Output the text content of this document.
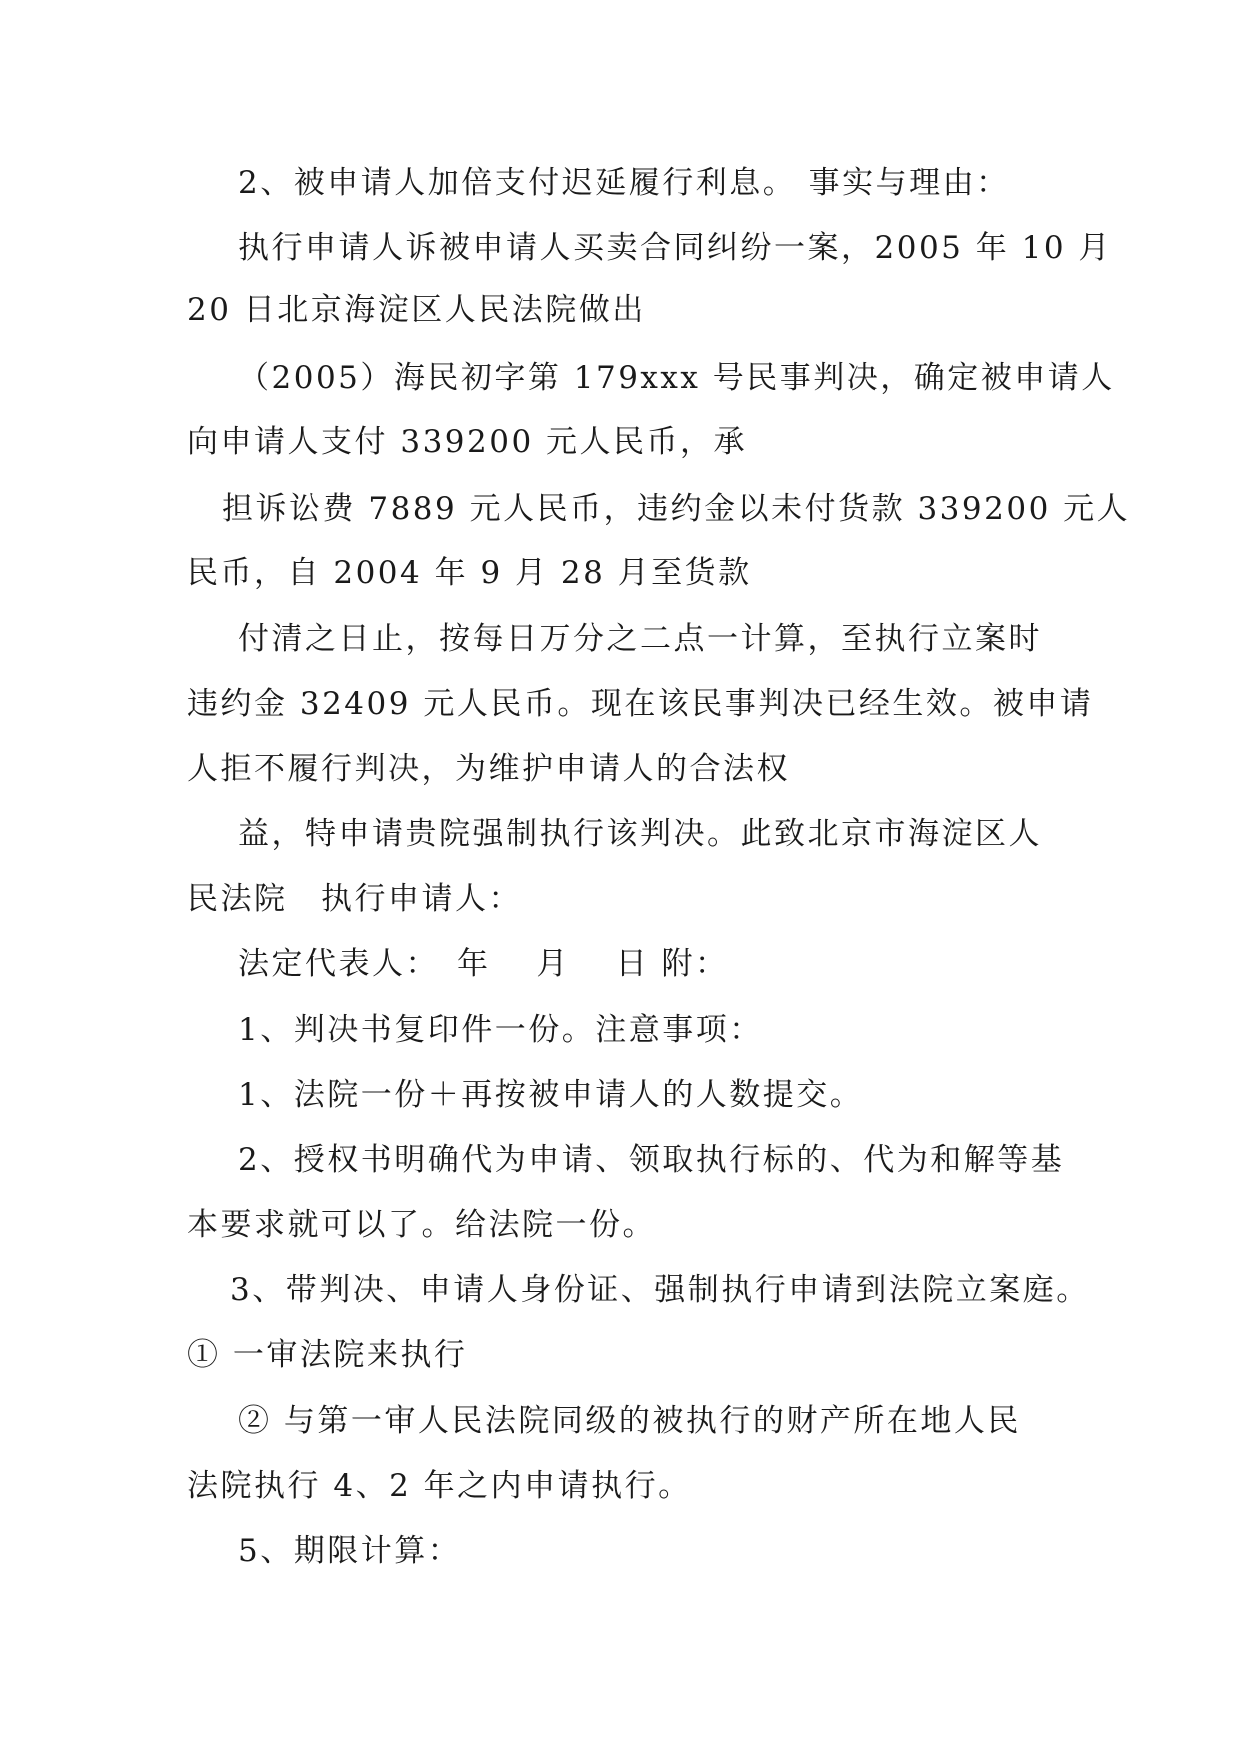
2、被申请人加倍支付迟延履行利息。 事实与理由：

执行申请人诉被申请人买卖合同纠纷一案，2005 年 10 月

20 日北京海淀区人民法院做出

（2005）海民初字第 179xxx 号民事判决，确定被申请人

向申请人支付 339200 元人民币，承

担诉讼费 7889 元人民币，违约金以未付货款 339200 元人

民币，自 2004 年 9 月 28 月至货款

付清之日止，按每日万分之二点一计算，至执行立案时

违约金 32409 元人民币。现在该民事判决已经生效。被申请

人拒不履行判决，为维护申请人的合法权

益，特申请贵院强制执行该判决。此致北京市海淀区人

民法院　执行申请人：

法定代表人：　年　 月　 日 附：

1、判决书复印件一份。注意事项：

1、法院一份＋再按被申请人的人数提交。

2、授权书明确代为申请、领取执行标的、代为和解等基

本要求就可以了。给法院一份。

3、带判决、申请人身份证、强制执行申请到法院立案庭。

① 一审法院来执行

② 与第一审人民法院同级的被执行的财产所在地人民

法院执行 4、2 年之内申请执行。

5、期限计算：
